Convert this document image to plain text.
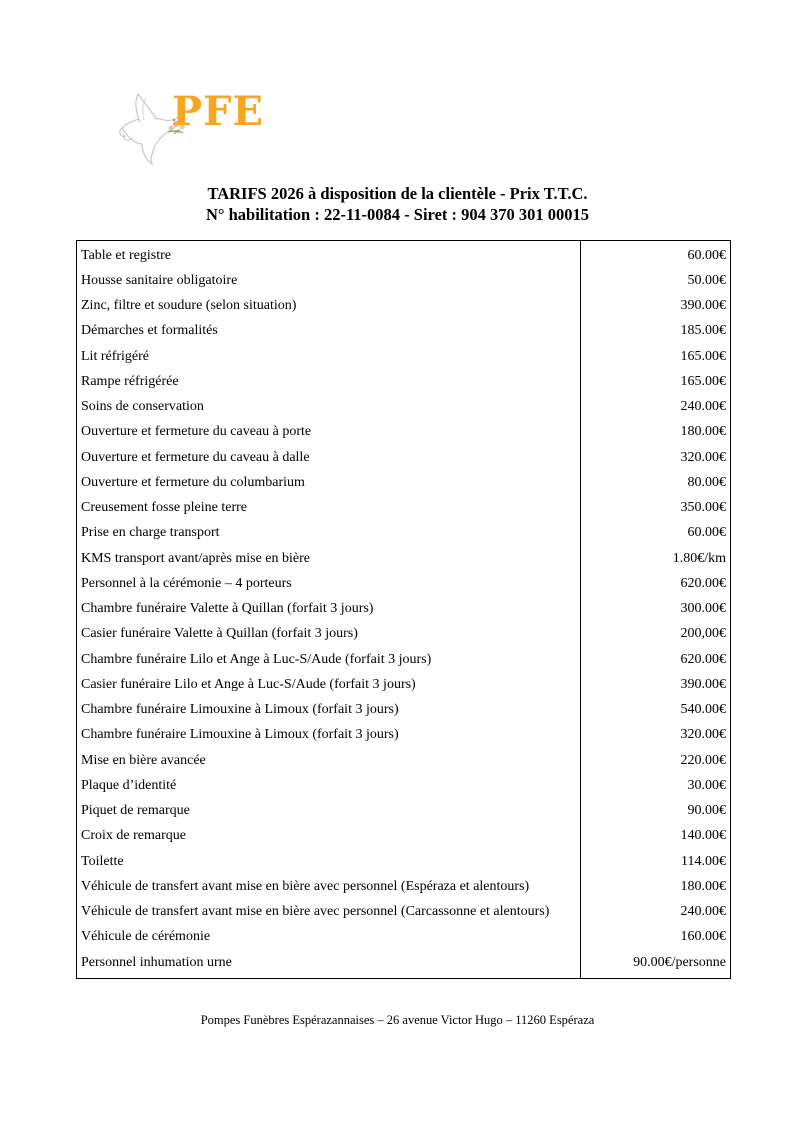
PFE
TARIFS 2026 à disposition de la clientèle - Prix T.T.C.
N° habilitation : 22-11-0084 - Siret : 904 370 301 00015
Table et registre	60.00€
Housse sanitaire obligatoire	50.00€
Zinc, filtre et soudure (selon situation)	390.00€
Démarches et formalités	185.00€
Lit réfrigéré	165.00€
Rampe réfrigérée	165.00€
Soins de conservation	240.00€
Ouverture et fermeture du caveau à porte	180.00€
Ouverture et fermeture du caveau à dalle	320.00€
Ouverture et fermeture du columbarium	80.00€
Creusement fosse pleine terre	350.00€
Prise en charge transport	60.00€
KMS transport avant/après mise en bière	1.80€/km
Personnel à la cérémonie – 4 porteurs	620.00€
Chambre funéraire Valette à Quillan (forfait 3 jours)	300.00€
Casier funéraire Valette à Quillan (forfait 3 jours)	200,00€
Chambre funéraire Lilo et Ange à Luc-S/Aude (forfait 3 jours)	620.00€
Casier funéraire Lilo et Ange à Luc-S/Aude (forfait 3 jours)	390.00€
Chambre funéraire Limouxine à Limoux (forfait 3 jours)	540.00€
Chambre funéraire Limouxine à Limoux (forfait 3 jours)	320.00€
Mise en bière avancée	220.00€
Plaque d’identité	30.00€
Piquet de remarque	90.00€
Croix de remarque	140.00€
Toilette	114.00€
Véhicule de transfert avant mise en bière avec personnel (Espéraza et alentours)	180.00€
Véhicule de transfert avant mise en bière avec personnel (Carcassonne et alentours)	240.00€
Véhicule de cérémonie	160.00€
Personnel inhumation urne	90.00€/personne
Pompes Funèbres Espérazannaises – 26 avenue Victor Hugo – 11260 Espéraza
